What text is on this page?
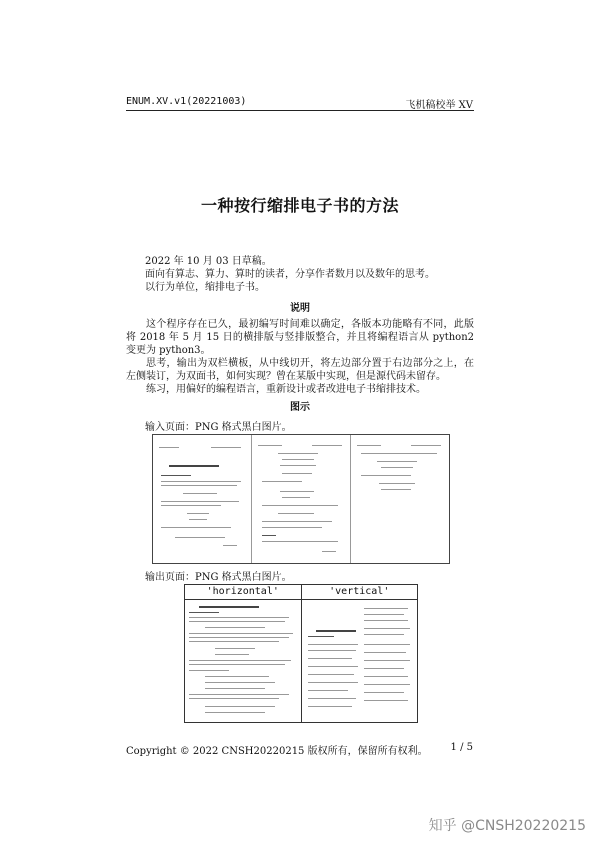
ENUM.XV.v1(20221003)	飞机稿校举 XV
一种按行缩排电子书的方法
2022 年 10 月 03 日草稿。
面向有算志、算力、算时的读者，分享作者数月以及数年的思考。
以行为单位，缩排电子书。
说明

这个程序存在已久，最初编写时间难以确定，各版本功能略有不同，此版将 2018 年 5 月 15 日的横排版与竖排版整合，并且将编程语言从 python2 变更为 python3。

思考，输出为双栏横板，从中线切开，将左边部分置于右边部分之上，在左侧装订，为双面书，如何实现？曾在某版中实现，但是源代码未留存。

练习，用偏好的编程语言，重新设计或者改进电子书缩排技术。

图示
输入页面：PNG 格式黑白图片。
输出页面：PNG 格式黑白图片。
'horizontal'	'vertical'
Copyright © 2022 CNSH20220215 版权所有，保留所有权利。 1 / 5
知乎 @CNSH20220215
